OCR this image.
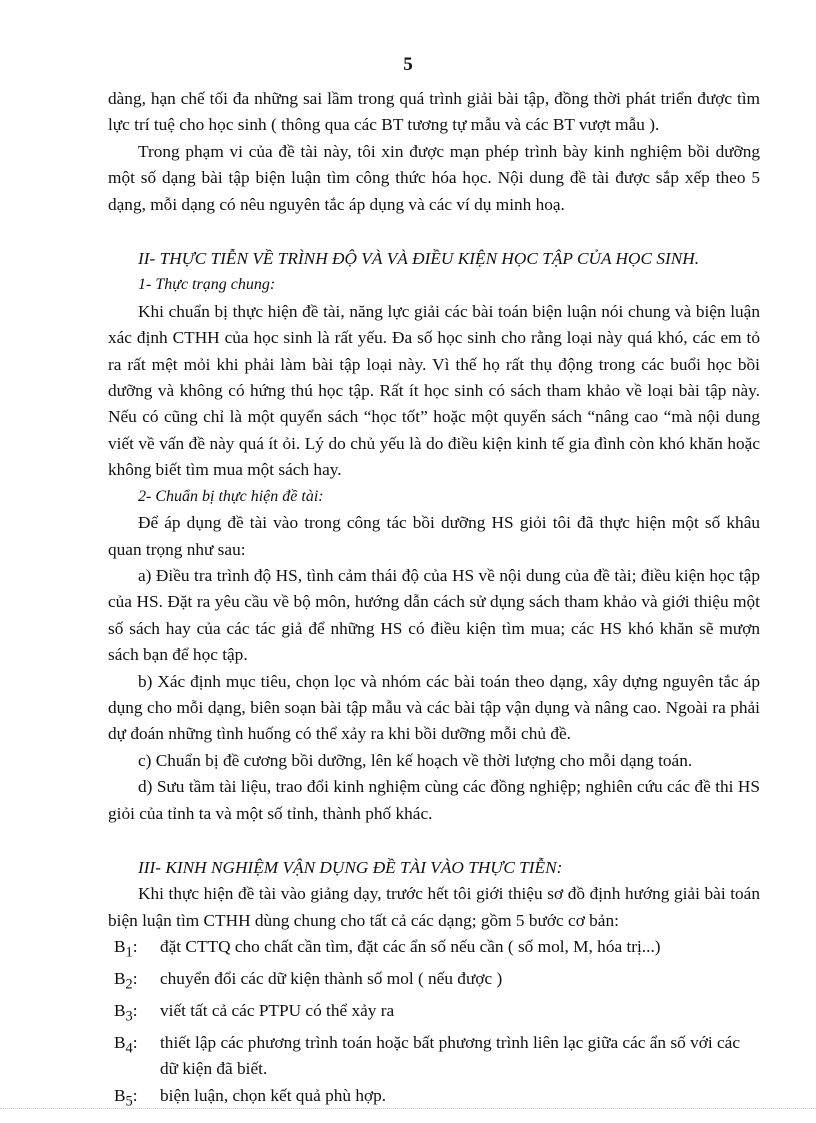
5

dàng, hạn chế tối đa những sai lầm trong quá trình giải bài tập, đồng thời phát triển được tìm lực trí tuệ cho học sinh ( thông qua các BT tương tự mẫu và các BT vượt mẫu ).

Trong phạm vi của đề tài này, tôi xin được mạn phép trình bày kinh nghiệm bồi dưỡng một số dạng bài tập biện luận tìm công thức hóa học. Nội dung đề tài được sắp xếp theo 5 dạng, mỗi dạng có nêu nguyên tắc áp dụng và các ví dụ minh hoạ.

II- THỰC TIỄN VỀ TRÌNH ĐỘ VÀ VÀ ĐIỀU KIỆN HỌC TẬP CỦA HỌC SINH.

1- Thực trạng chung:

Khi chuẩn bị thực hiện đề tài, năng lực giải các bài toán biện luận nói chung và biện luận xác định CTHH của học sinh là rất yếu. Đa số học sinh cho rằng loại này quá khó, các em tỏ ra rất mệt mỏi khi phải làm bài tập loại này. Vì thế họ rất thụ động trong các buổi học bồi dưỡng và không có hứng thú học tập. Rất ít học sinh có sách tham khảo về loại bài tập này. Nếu có cũng chỉ là một quyển sách “học tốt” hoặc một quyển sách “nâng cao “mà nội dung viết về vấn đề này quá ít ỏi. Lý do chủ yếu là do điều kiện kinh tế gia đình còn khó khăn hoặc không biết tìm mua một sách hay.

2- Chuẩn bị thực hiện đề tài:

Để áp dụng đề tài vào trong công tác bồi dưỡng HS giỏi tôi đã thực hiện một số khâu quan trọng như sau:

a) Điều tra trình độ HS, tình cảm thái độ của HS về nội dung của đề tài; điều kiện học tập của HS. Đặt ra yêu cầu về bộ môn, hướng dẫn cách sử dụng sách tham khảo và giới thiệu một số sách hay của các tác giả để những HS có điều kiện tìm mua; các HS khó khăn sẽ mượn sách bạn để học tập.

b) Xác định mục tiêu, chọn lọc và nhóm các bài toán theo dạng, xây dựng nguyên tắc áp dụng cho mỗi dạng, biên soạn bài tập mẫu và các bài tập vận dụng và nâng cao. Ngoài ra phải dự đoán những tình huống có thể xảy ra khi bồi dưỡng mỗi chủ đề.

c) Chuẩn bị đề cương bồi dưỡng, lên kế hoạch về thời lượng cho mỗi dạng toán.

d) Sưu tầm tài liệu, trao đổi kinh nghiệm cùng các đồng nghiệp; nghiên cứu các đề thi HS giỏi của tỉnh ta và một số tỉnh, thành phố khác.

III- KINH NGHIỆM VẬN DỤNG ĐỀ TÀI VÀO THỰC TIỄN:

Khi thực hiện đề tài vào giảng dạy, trước hết tôi giới thiệu sơ đồ định hướng giải bài toán biện luận tìm CTHH dùng chung cho tất cả các dạng; gồm 5 bước cơ bản:

$B_1$:	đặt CTTQ cho chất cần tìm, đặt các ẩn số nếu cần ( số mol, M, hóa trị...)
$B_2$:	chuyển đổi các dữ kiện thành số mol ( nếu được )
$B_3$:	viết tất cả các PTPU có thể xảy ra
$B_4$:	thiết lập các phương trình toán hoặc bất phương trình liên lạc giữa các ẩn số với các dữ kiện đã biết.
$B_5$:	biện luận, chọn kết quả phù hợp.
